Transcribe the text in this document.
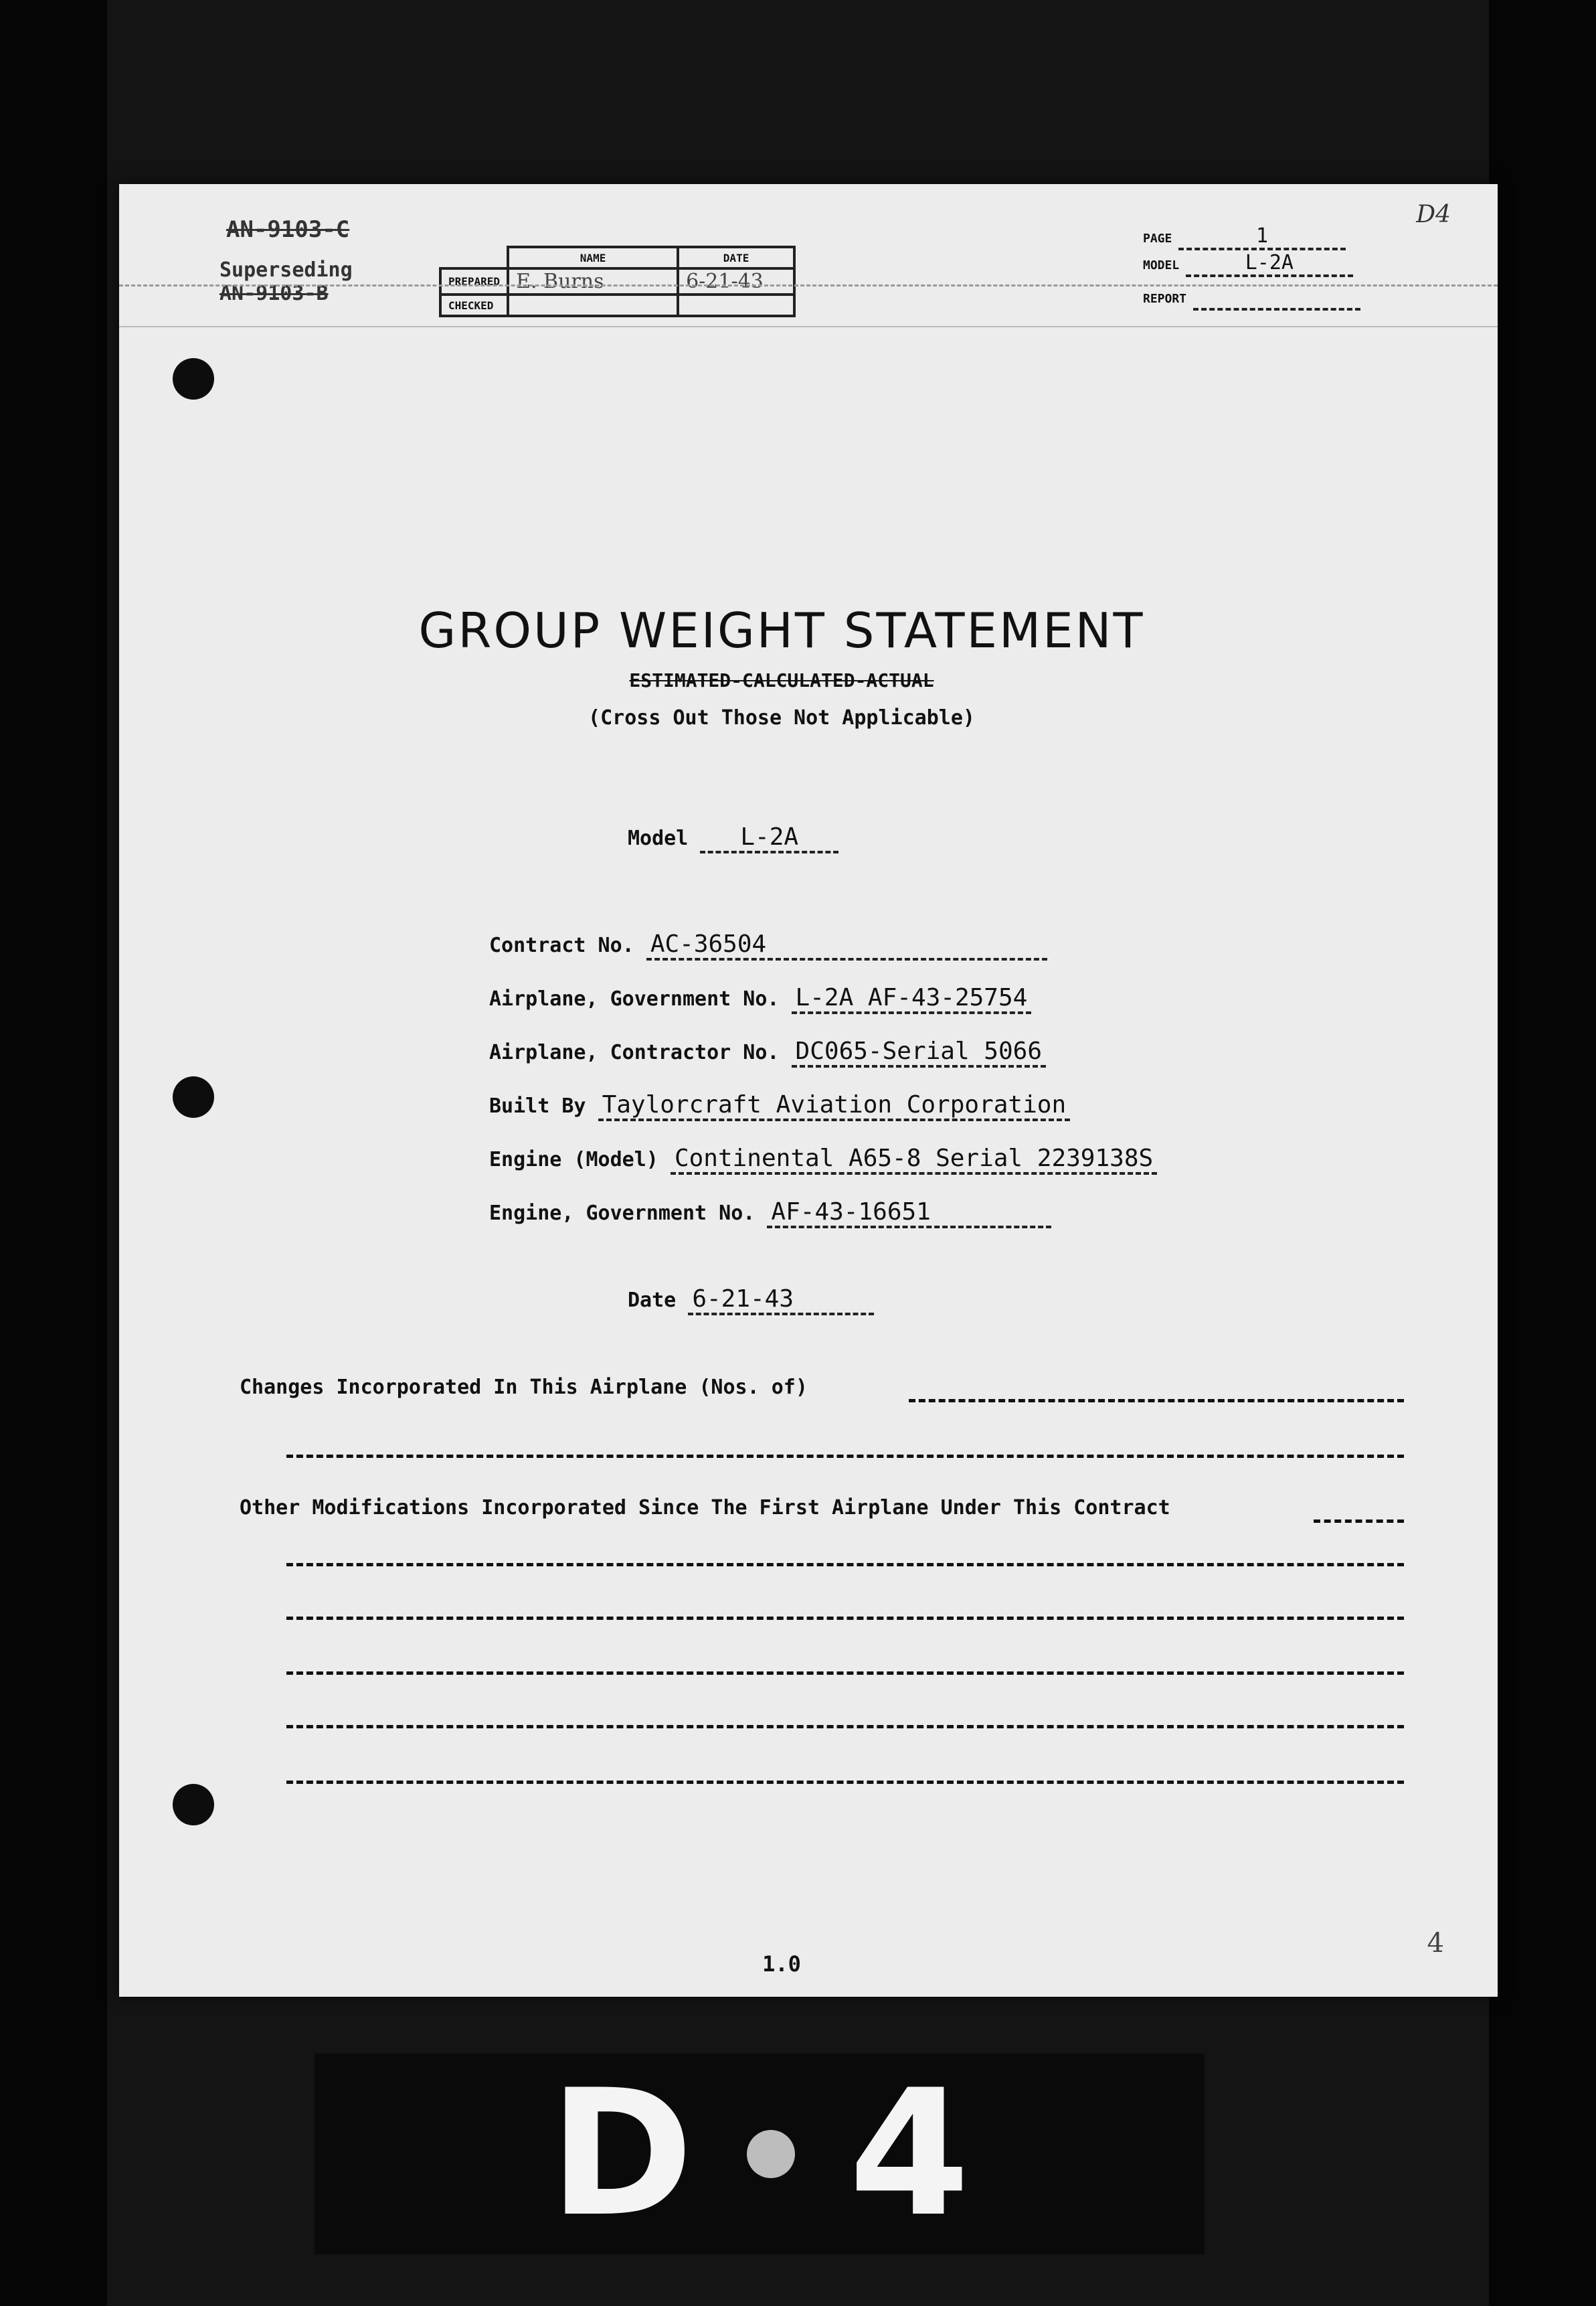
AN-9103-C
Superseding
AN-9103-B
	NAME	DATE
PREPARED	E. Burns	6-21-43
CHECKED		
PAGE	1
MODEL	L-2A
REPORT
D4
GROUP WEIGHT STATEMENT
ESTIMATED-CALCULATED-ACTUAL
(Cross Out Those Not Applicable)
Model L-2A
Contract No. AC-36504
Airplane, Government No. L-2A AF-43-25754
Airplane, Contractor No. DC065-Serial 5066
Built By Taylorcraft Aviation Corporation
Engine (Model) Continental A65-8 Serial 2239138S
Engine, Government No. AF-43-16651
Date 6-21-43
Changes Incorporated In This Airplane (Nos. of)
Other Modifications Incorporated Since The First Airplane Under This Contract
1.0
4
D 4
